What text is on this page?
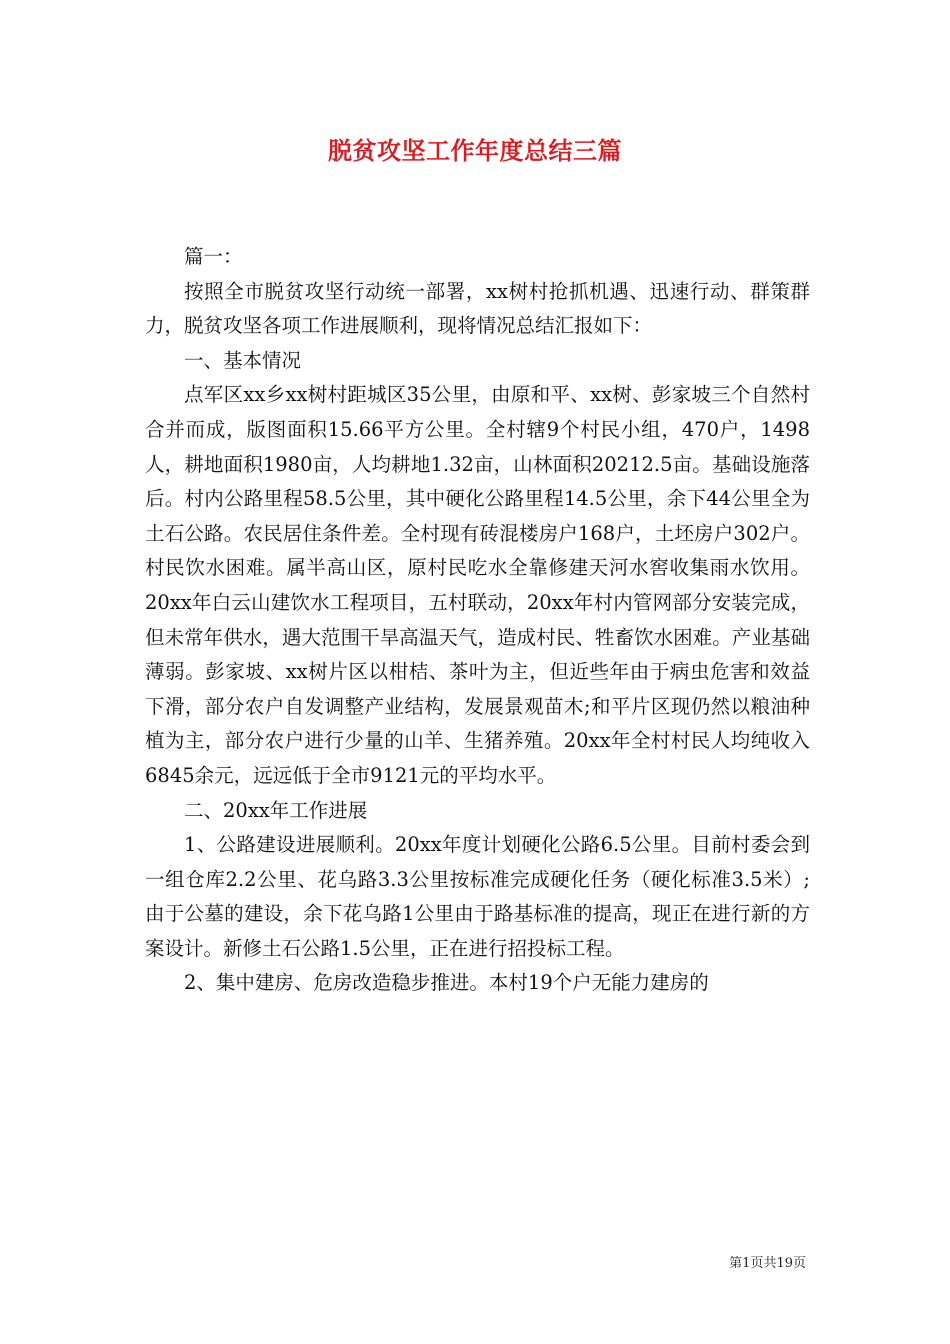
脱贫攻坚工作年度总结三篇

篇一：

按照全市脱贫攻坚行动统一部署，xx树村抢抓机遇、迅速行动、群策群力，脱贫攻坚各项工作进展顺利，现将情况总结汇报如下：

一、基本情况

点军区xx乡xx树村距城区35公里，由原和平、xx树、彭家坡三个自然村合并而成，版图面积15.66平方公里。全村辖9个村民小组，470户，1498人，耕地面积1980亩，人均耕地1.32亩，山林面积20212.5亩。基础设施落后。村内公路里程58.5公里，其中硬化公路里程14.5公里，余下44公里全为土石公路。农民居住条件差。全村现有砖混楼房户168户，土坯房户302户。村民饮水困难。属半高山区，原村民吃水全靠修建天河水窖收集雨水饮用。20xx年白云山建饮水工程项目，五村联动，20xx年村内管网部分安装完成，但未常年供水，遇大范围干旱高温天气，造成村民、牲畜饮水困难。产业基础薄弱。彭家坡、xx树片区以柑桔、茶叶为主，但近些年由于病虫危害和效益下滑，部分农户自发调整产业结构，发展景观苗木;和平片区现仍然以粮油种植为主，部分农户进行少量的山羊、生猪养殖。20xx年全村村民人均纯收入6845余元，远远低于全市9121元的平均水平。

二、20xx年工作进展

1、公路建设进展顺利。20xx年度计划硬化公路6.5公里。目前村委会到一组仓库2.2公里、花乌路3.3公里按标准完成硬化任务（硬化标准3.5米）;由于公墓的建设，余下花乌路1公里由于路基标准的提高，现正在进行新的方案设计。新修土石公路1.5公里，正在进行招投标工程。

2、集中建房、危房改造稳步推进。本村19个户无能力建房的

第1页共19页
